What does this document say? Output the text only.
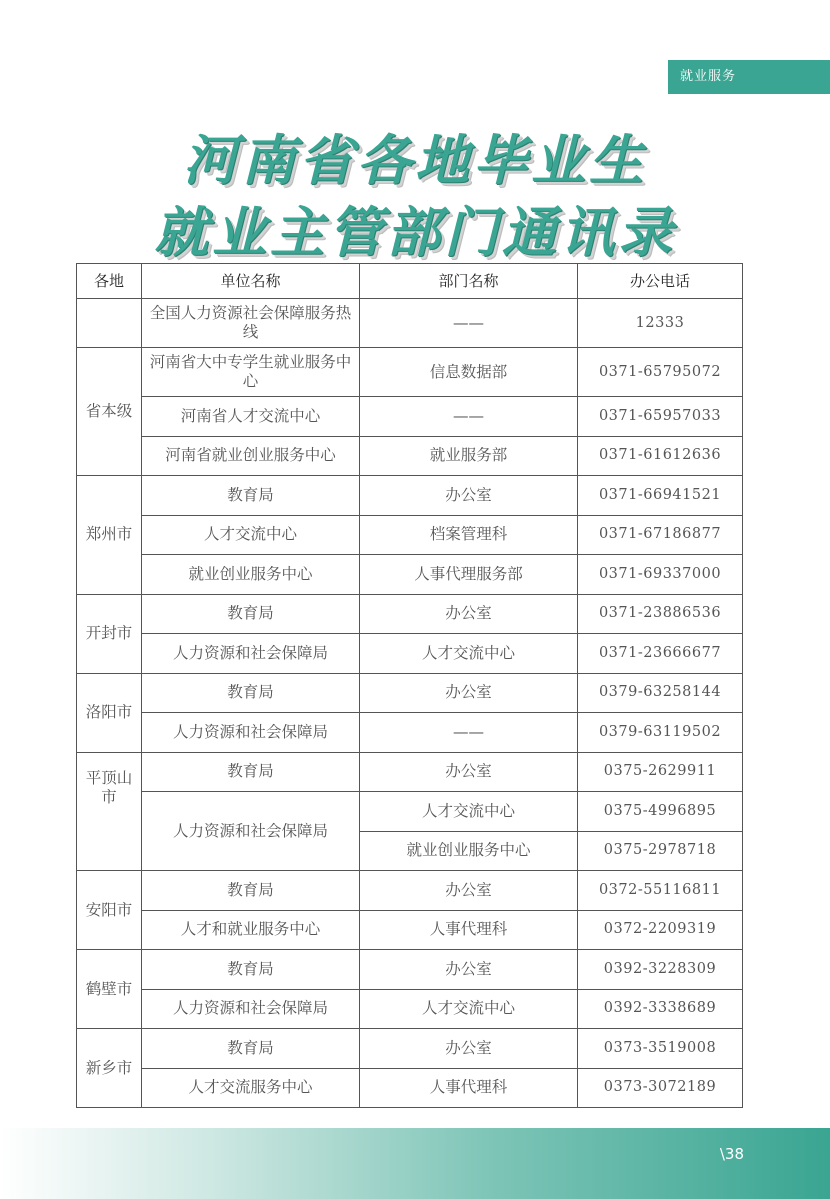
就业服务
河南省各地毕业生
就业主管部门通讯录
各地	单位名称	部门名称	办公电话
	全国人力资源社会保障服务热线	——	12333
省本级	河南省大中专学生就业服务中心	信息数据部	0371-65795072
	河南省人才交流中心	——	0371-65957033
	河南省就业创业服务中心	就业服务部	0371-61612636
郑州市	教育局	办公室	0371-66941521
	人才交流中心	档案管理科	0371-67186877
	就业创业服务中心	人事代理服务部	0371-69337000
开封市	教育局	办公室	0371-23886536
	人力资源和社会保障局	人才交流中心	0371-23666677
洛阳市	教育局	办公室	0379-63258144
	人力资源和社会保障局	——	0379-63119502
平顶山市	教育局	办公室	0375-2629911
	人力资源和社会保障局	人才交流中心	0375-4996895
		就业创业服务中心	0375-2978718
安阳市	教育局	办公室	0372-55116811
	人才和就业服务中心	人事代理科	0372-2209319
鹤壁市	教育局	办公室	0392-3228309
	人力资源和社会保障局	人才交流中心	0392-3338689
新乡市	教育局	办公室	0373-3519008
	人才交流服务中心	人事代理科	0373-3072189
\38
